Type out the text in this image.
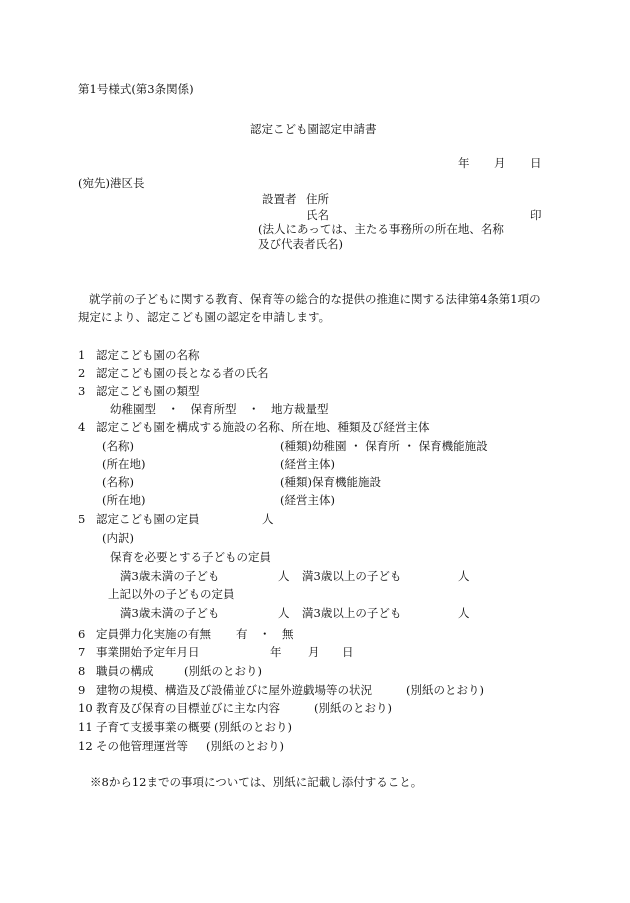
第1号様式(第3条関係)
認定こども園認定申請書
年 月 日
(宛先)港区長
設置者 住所
氏名	印
(法人にあっては、主たる事務所の所在地、名称
及び代表者氏名)
就学前の子どもに関する教育、保育等の総合的な提供の推進に関する法律第4条第1項の
規定により、認定こども園の認定を申請します。
1 認定こども園の名称
2 認定こども園の長となる者の氏名
3 認定こども園の類型
幼稚園型　・　保育所型　・　地方裁量型
4 認定こども園を構成する施設の名称、所在地、種類及び経営主体
(名称)	(種類)幼稚園 ・ 保育所 ・ 保育機能施設
(所在地)	(経営主体)
(名称)	(種類)保育機能施設
(所在地)	(経営主体)
5 認定こども園の定員	人
(内訳)
保育を必要とする子どもの定員
満3歳未満の子ども	人 満3歳以上の子ども	人
上記以外の子どもの定員
満3歳未満の子ども	人 満3歳以上の子ども	人
6 定員弾力化実施の有無 有　・　無
7 事業開始予定年月日	年 月 日
8 職員の構成	(別紙のとおり)
9 建物の規模、構造及び設備並びに屋外遊戯場等の状況	(別紙のとおり)
10 教育及び保育の目標並びに主な内容	(別紙のとおり)
11 子育て支援事業の概要 (別紙のとおり)
12 その他管理運営等 (別紙のとおり)
※8から12までの事項については、別紙に記載し添付すること。
